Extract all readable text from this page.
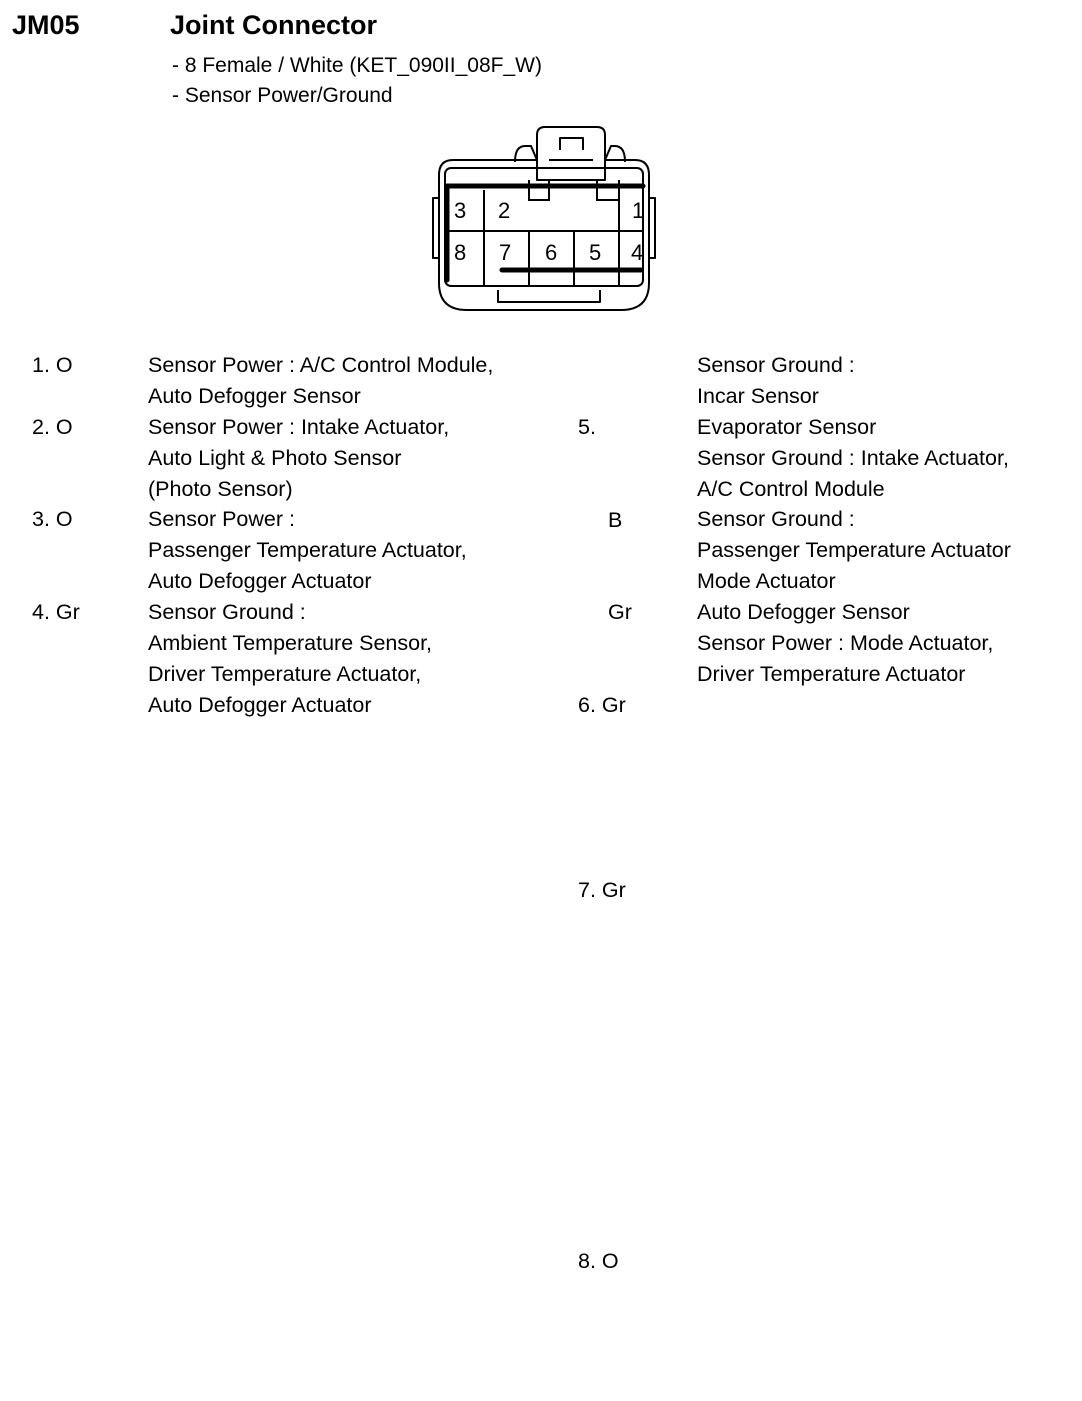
JM05	Joint Connector
- 8 Female / White (KET_090II_08F_W)
- Sensor Power/Ground
3 2	1
8 7 6 5 4
1. O
2. O
3. O
4. Gr
Sensor Power : A/C Control Module,
Auto Defogger Sensor
Sensor Power : Intake Actuator,
Auto Light & Photo Sensor
(Photo Sensor)
Sensor Power :
Passenger Temperature Actuator,
Auto Defogger Actuator
Sensor Ground :
Ambient Temperature Sensor,
Driver Temperature Actuator,
Auto Defogger Actuator

5.

B

Gr

6. Gr

7. Gr

8. O

Sensor Ground :
Incar Sensor
Evaporator Sensor
Sensor Ground : Intake Actuator,
A/C Control Module
Sensor Ground :
Passenger Temperature Actuator
Mode Actuator
Auto Defogger Sensor
Sensor Power : Mode Actuator,
Driver Temperature Actuator
